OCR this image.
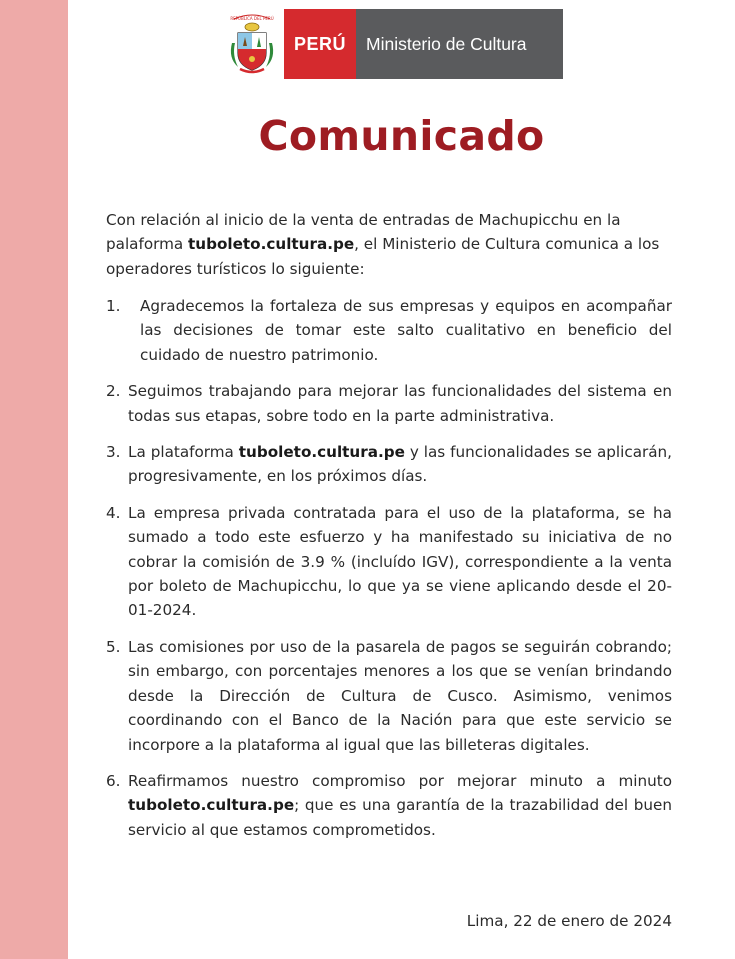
REPÚBLICA DEL PERÚ
PERÚ	Ministerio de Cultura
Comunicado

Con relación al inicio de la venta de entradas de Machupicchu en la palaforma tuboleto.cultura.pe, el Ministerio de Cultura comunica a los operadores turísticos lo siguiente:

1. Agradecemos la fortaleza de sus empresas y equipos en acompañar las decisiones de tomar este salto cualitativo en beneficio del cuidado de nuestro patrimonio.
2. Seguimos trabajando para mejorar las funcionalidades del sistema en todas sus etapas, sobre todo en la parte administrativa.
3. La plataforma tuboleto.cultura.pe y las funcionalidades se aplicarán, progresivamente, en los próximos días.
4. La empresa privada contratada para el uso de la plataforma, se ha sumado a todo este esfuerzo y ha manifestado su iniciativa de no cobrar la comisión de 3.9 % (incluído IGV), correspondiente a la venta por boleto de Machupicchu, lo que ya se viene aplicando desde el 20-01-2024.
5. Las comisiones por uso de la pasarela de pagos se seguirán cobrando; sin embargo, con porcentajes menores a los que se venían brindando desde la Dirección de Cultura de Cusco. Asimismo, venimos coordinando con el Banco de la Nación para que este servicio se incorpore a la plataforma al igual que las billeteras digitales.
6. Reafirmamos nuestro compromiso por mejorar minuto a minuto tuboleto.cultura.pe; que es una garantía de la trazabilidad del buen servicio al que estamos comprometidos.
Lima, 22 de enero de 2024
